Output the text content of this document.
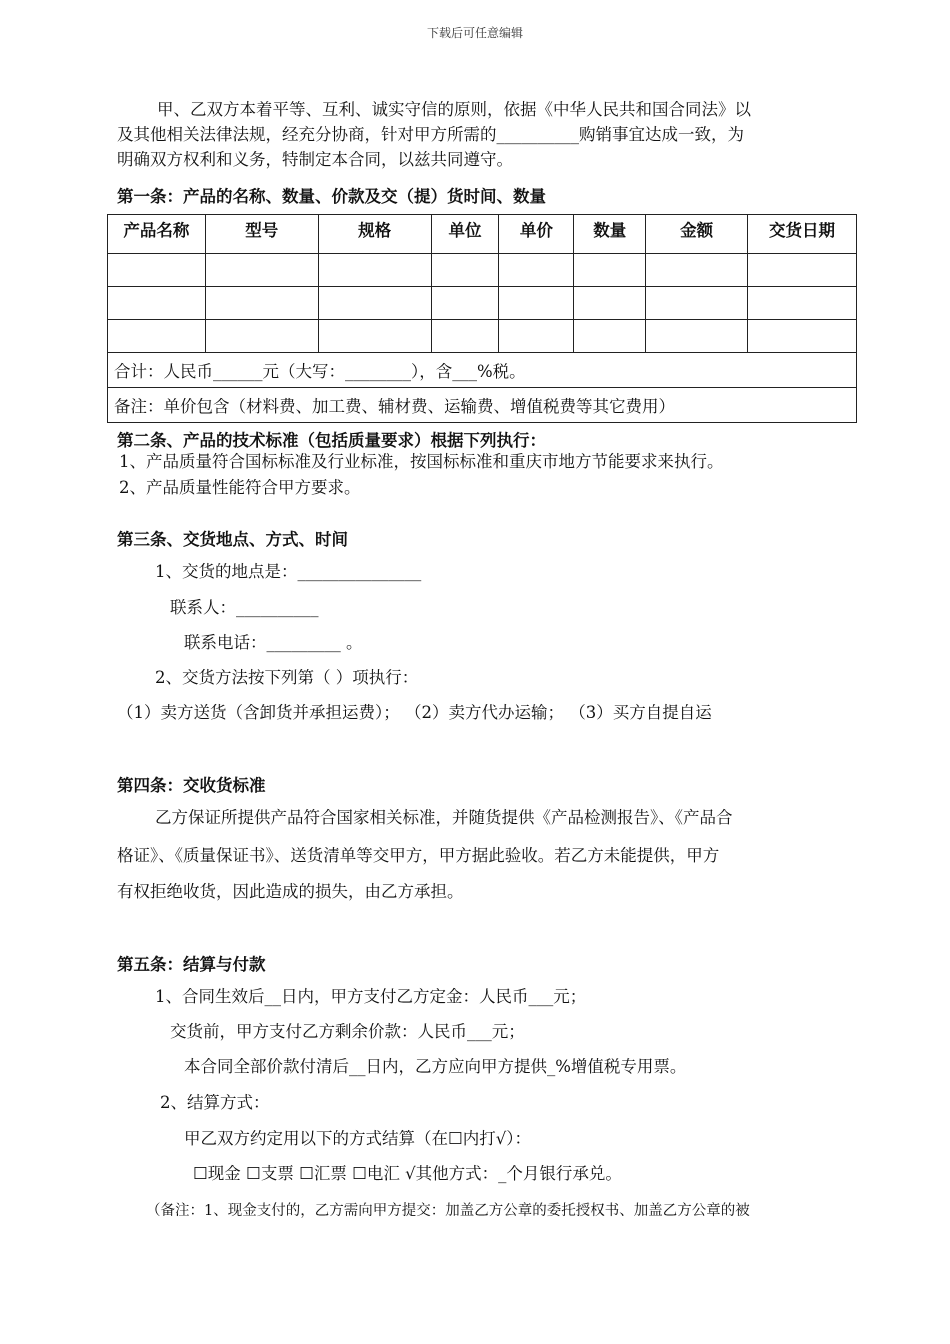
下载后可任意编辑
甲、乙双方本着平等、互利、诚实守信的原则，依据《中华人民共和国合同法》以
及其他相关法律法规，经充分协商，针对甲方所需的__________购销事宜达成一致，为
明确双方权利和义务，特制定本合同，以兹共同遵守。
第一条：产品的名称、数量、价款及交（提）货时间、数量
产品名称	型号	规格	单位	单价	数量	金额	交货日期

合计：人民币______元（大写：________），含___%税。							
备注：单价包含（材料费、加工费、辅材费、运输费、增值税费等其它费用）							
第二条、产品的技术标准（包括质量要求）根据下列执行：
1、产品质量符合国标标准及行业标准，按国标标准和重庆市地方节能要求来执行。
2、产品质量性能符合甲方要求。
第三条、交货地点、方式、时间
1、交货的地点是：_______________
联系人：__________
联系电话：_________ 。
2、交货方法按下列第（ ）项执行：
（1）卖方送货（含卸货并承担运费）； （2）卖方代办运输； （3）买方自提自运
第四条：交收货标准
乙方保证所提供产品符合国家相关标准，并随货提供《产品检测报告》、《产品合
格证》、《质量保证书》、送货清单等交甲方，甲方据此验收。若乙方未能提供，甲方
有权拒绝收货，因此造成的损失，由乙方承担。
第五条：结算与付款
1、合同生效后__日内，甲方支付乙方定金：人民币___元；
交货前，甲方支付乙方剩余价款：人民币___元；
本合同全部价款付清后__日内，乙方应向甲方提供_%增值税专用票。
2、结算方式：
甲乙双方约定用以下的方式结算（在☐内打√）：
☐现金 ☐支票 ☐汇票 ☐电汇 √其他方式：_个月银行承兑。
（备注：1、现金支付的，乙方需向甲方提交：加盖乙方公章的委托授权书、加盖乙方公章的被
